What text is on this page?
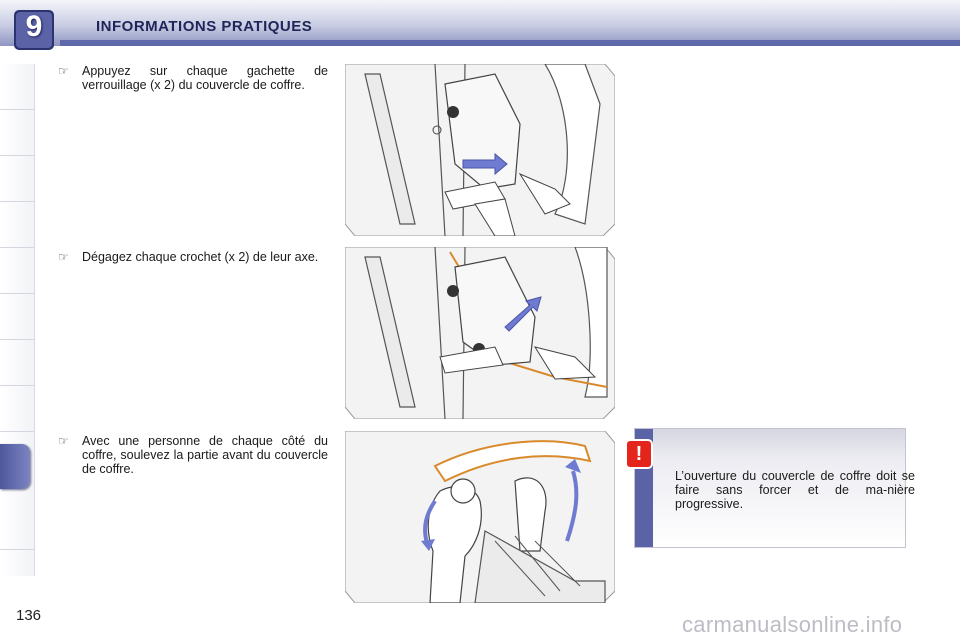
9	INFORMATIONS PRATIQUES
☞ Appuyez sur chaque gachette de verrouillage (x 2) du couvercle de coffre.
☞ Dégagez chaque crochet (x 2) de leur axe.
☞ Avec une personne de chaque côté du coffre, soulevez la partie avant du couvercle de coffre.	L’ouverture du couvercle de coffre doit se faire sans forcer et de ma-nière progressive.
!
136	carmanualsonline.info
